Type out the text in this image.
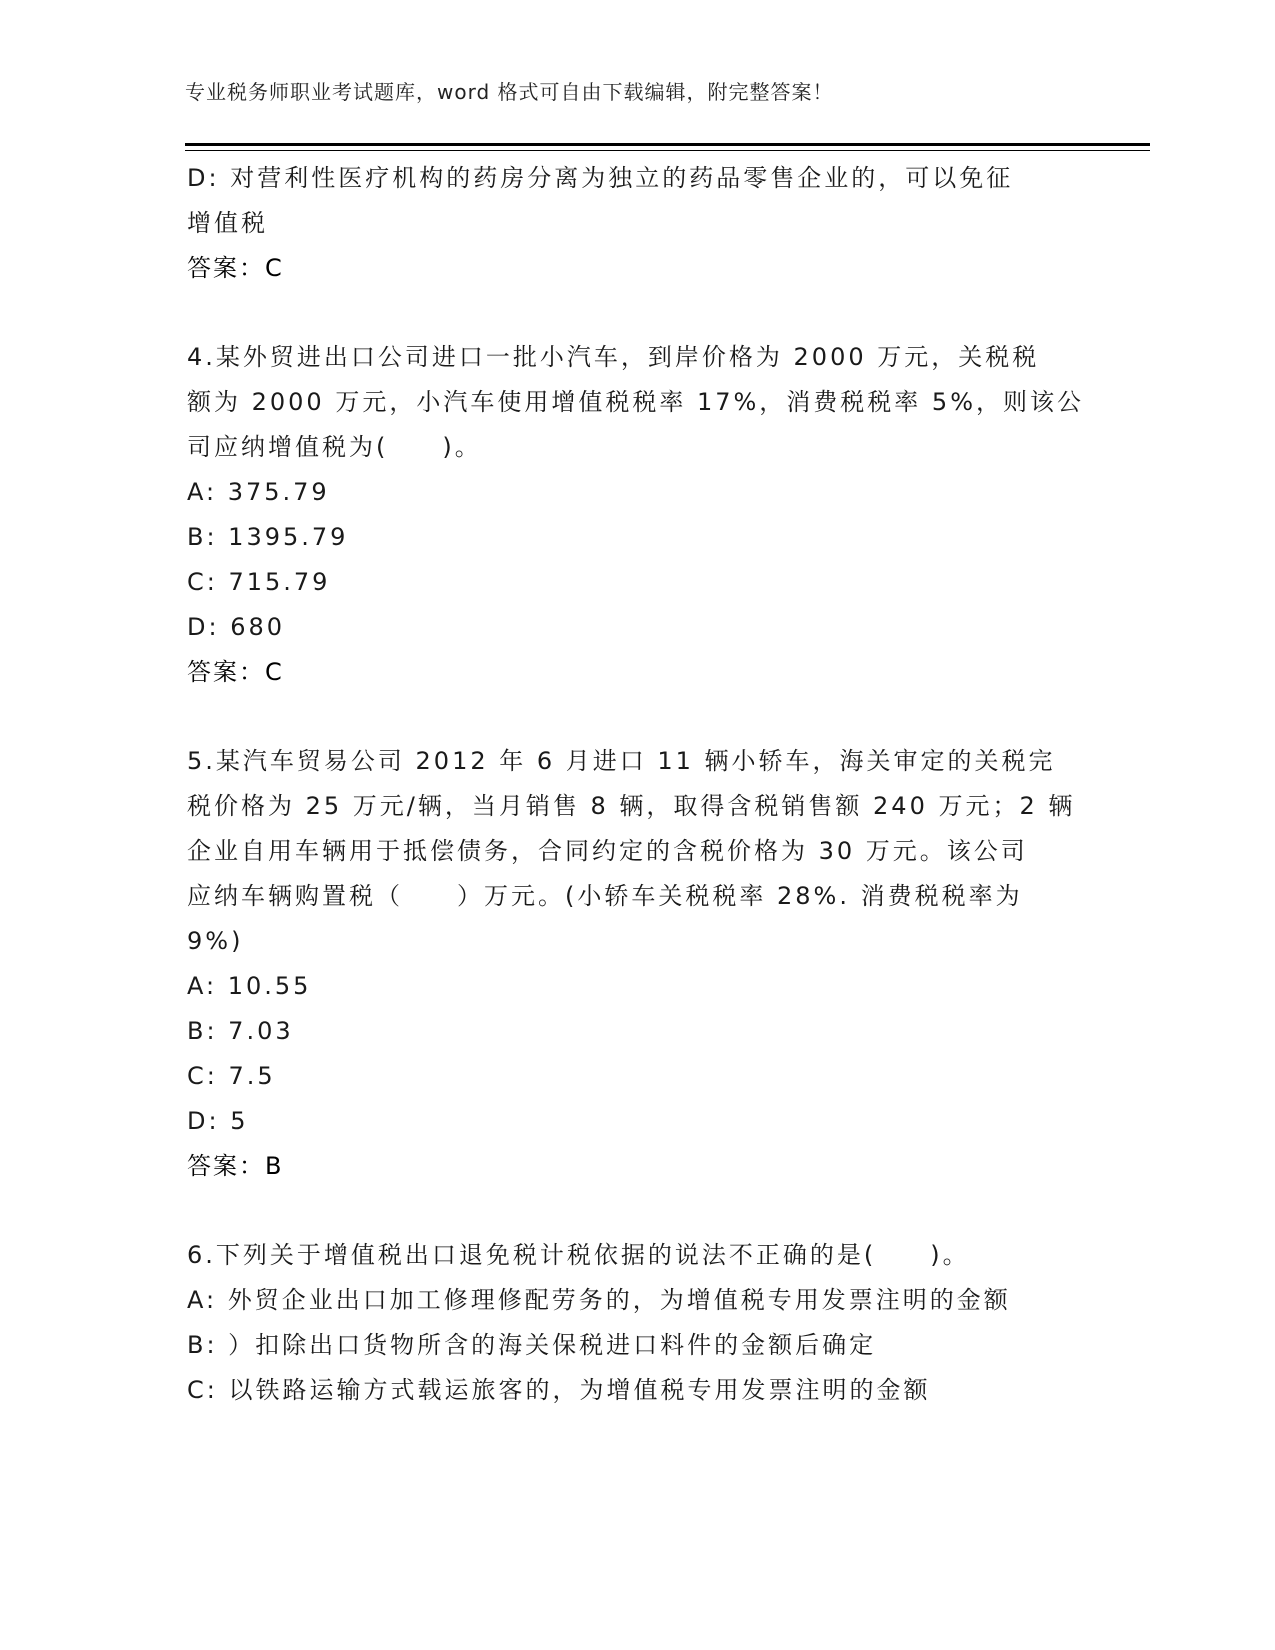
专业税务师职业考试题库，word 格式可自由下载编辑，附完整答案！
D: 对营利性医疗机构的药房分离为独立的药品零售企业的，可以免征
增值税
答案：C
4.某外贸进出口公司进口一批小汽车，到岸价格为 2000 万元，关税税
额为 2000 万元，小汽车使用增值税税率 17%，消费税税率 5%，则该公
司应纳增值税为(　　)。
A: 375.79
B: 1395.79
C: 715.79
D: 680
答案：C
5.某汽车贸易公司 2012 年 6 月进口 11 辆小轿车，海关审定的关税完
税价格为 25 万元/辆，当月销售 8 辆，取得含税销售额 240 万元；2 辆
企业自用车辆用于抵偿债务，合同约定的含税价格为 30 万元。该公司
应纳车辆购置税（　　）万元。(小轿车关税税率 28%. 消费税税率为
9%)
A: 10.55
B: 7.03
C: 7.5
D: 5
答案：B
6.下列关于增值税出口退免税计税依据的说法不正确的是(　　)。
A: 外贸企业出口加工修理修配劳务的，为增值税专用发票注明的金额
B: ）扣除出口货物所含的海关保税进口料件的金额后确定
C: 以铁路运输方式载运旅客的，为增值税专用发票注明的金额
